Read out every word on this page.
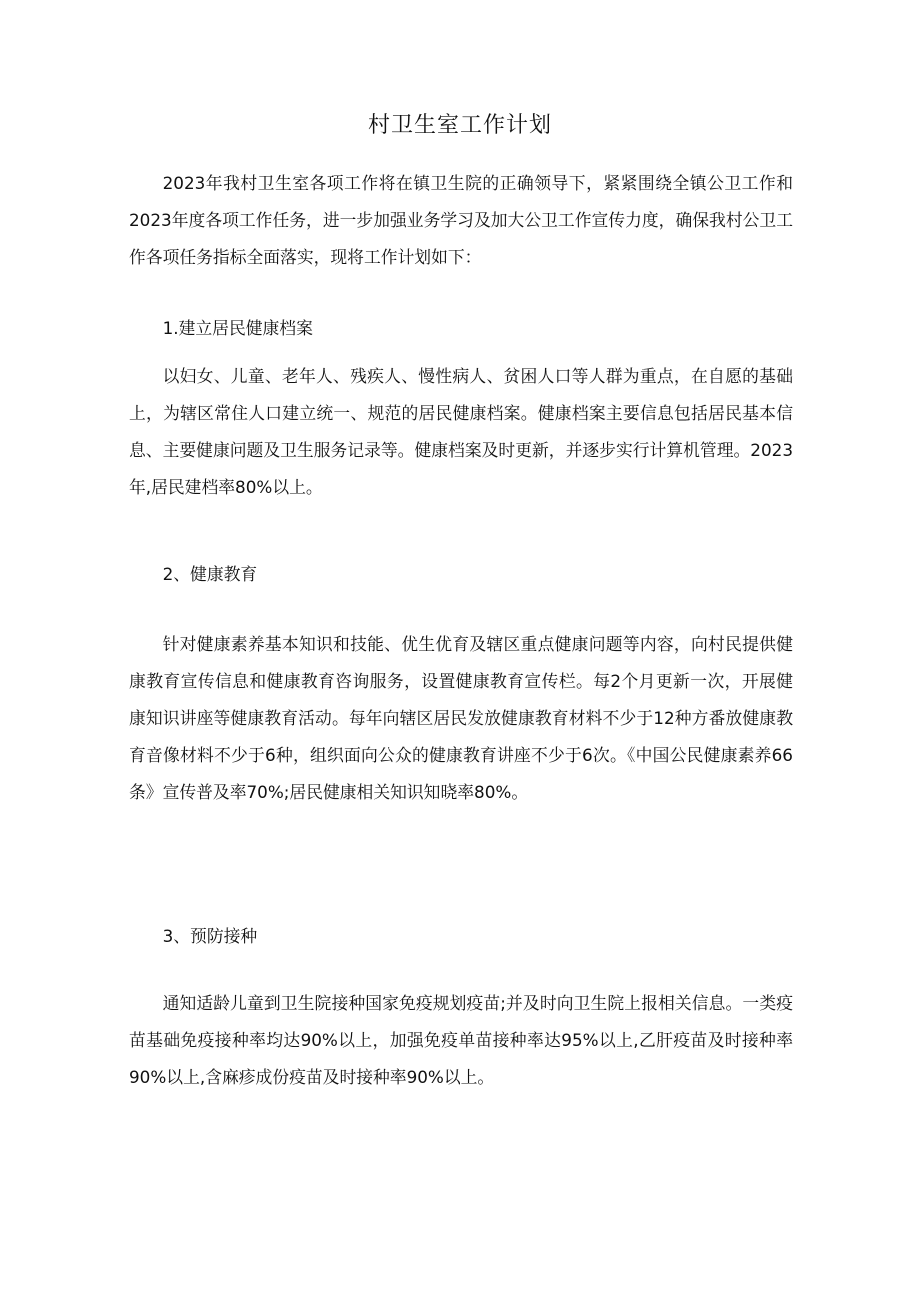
村卫生室工作计划

2023年我村卫生室各项工作将在镇卫生院的正确领导下，紧紧围绕全镇公卫工作和2023年度各项工作任务，进一步加强业务学习及加大公卫工作宣传力度，确保我村公卫工作各项任务指标全面落实，现将工作计划如下：

1.建立居民健康档案

以妇女、儿童、老年人、残疾人、慢性病人、贫困人口等人群为重点，在自愿的基础上，为辖区常住人口建立统一、规范的居民健康档案。健康档案主要信息包括居民基本信息、主要健康问题及卫生服务记录等。健康档案及时更新，并逐步实行计算机管理。2023年,居民建档率80%以上。

2、健康教育

针对健康素养基本知识和技能、优生优育及辖区重点健康问题等内容，向村民提供健康教育宣传信息和健康教育咨询服务，设置健康教育宣传栏。每2个月更新一次，开展健康知识讲座等健康教育活动。每年向辖区居民发放健康教育材料不少于12种方番放健康教育音像材料不少于6种，组织面向公众的健康教育讲座不少于6次。《中国公民健康素养66条》宣传普及率70%;居民健康相关知识知晓率80%。

3、预防接种

通知适龄儿童到卫生院接种国家免疫规划疫苗;并及时向卫生院上报相关信息。一类疫苗基础免疫接种率均达90%以上，加强免疫单苗接种率达95%以上,乙肝疫苗及时接种率90%以上,含麻疹成份疫苗及时接种率90%以上。
